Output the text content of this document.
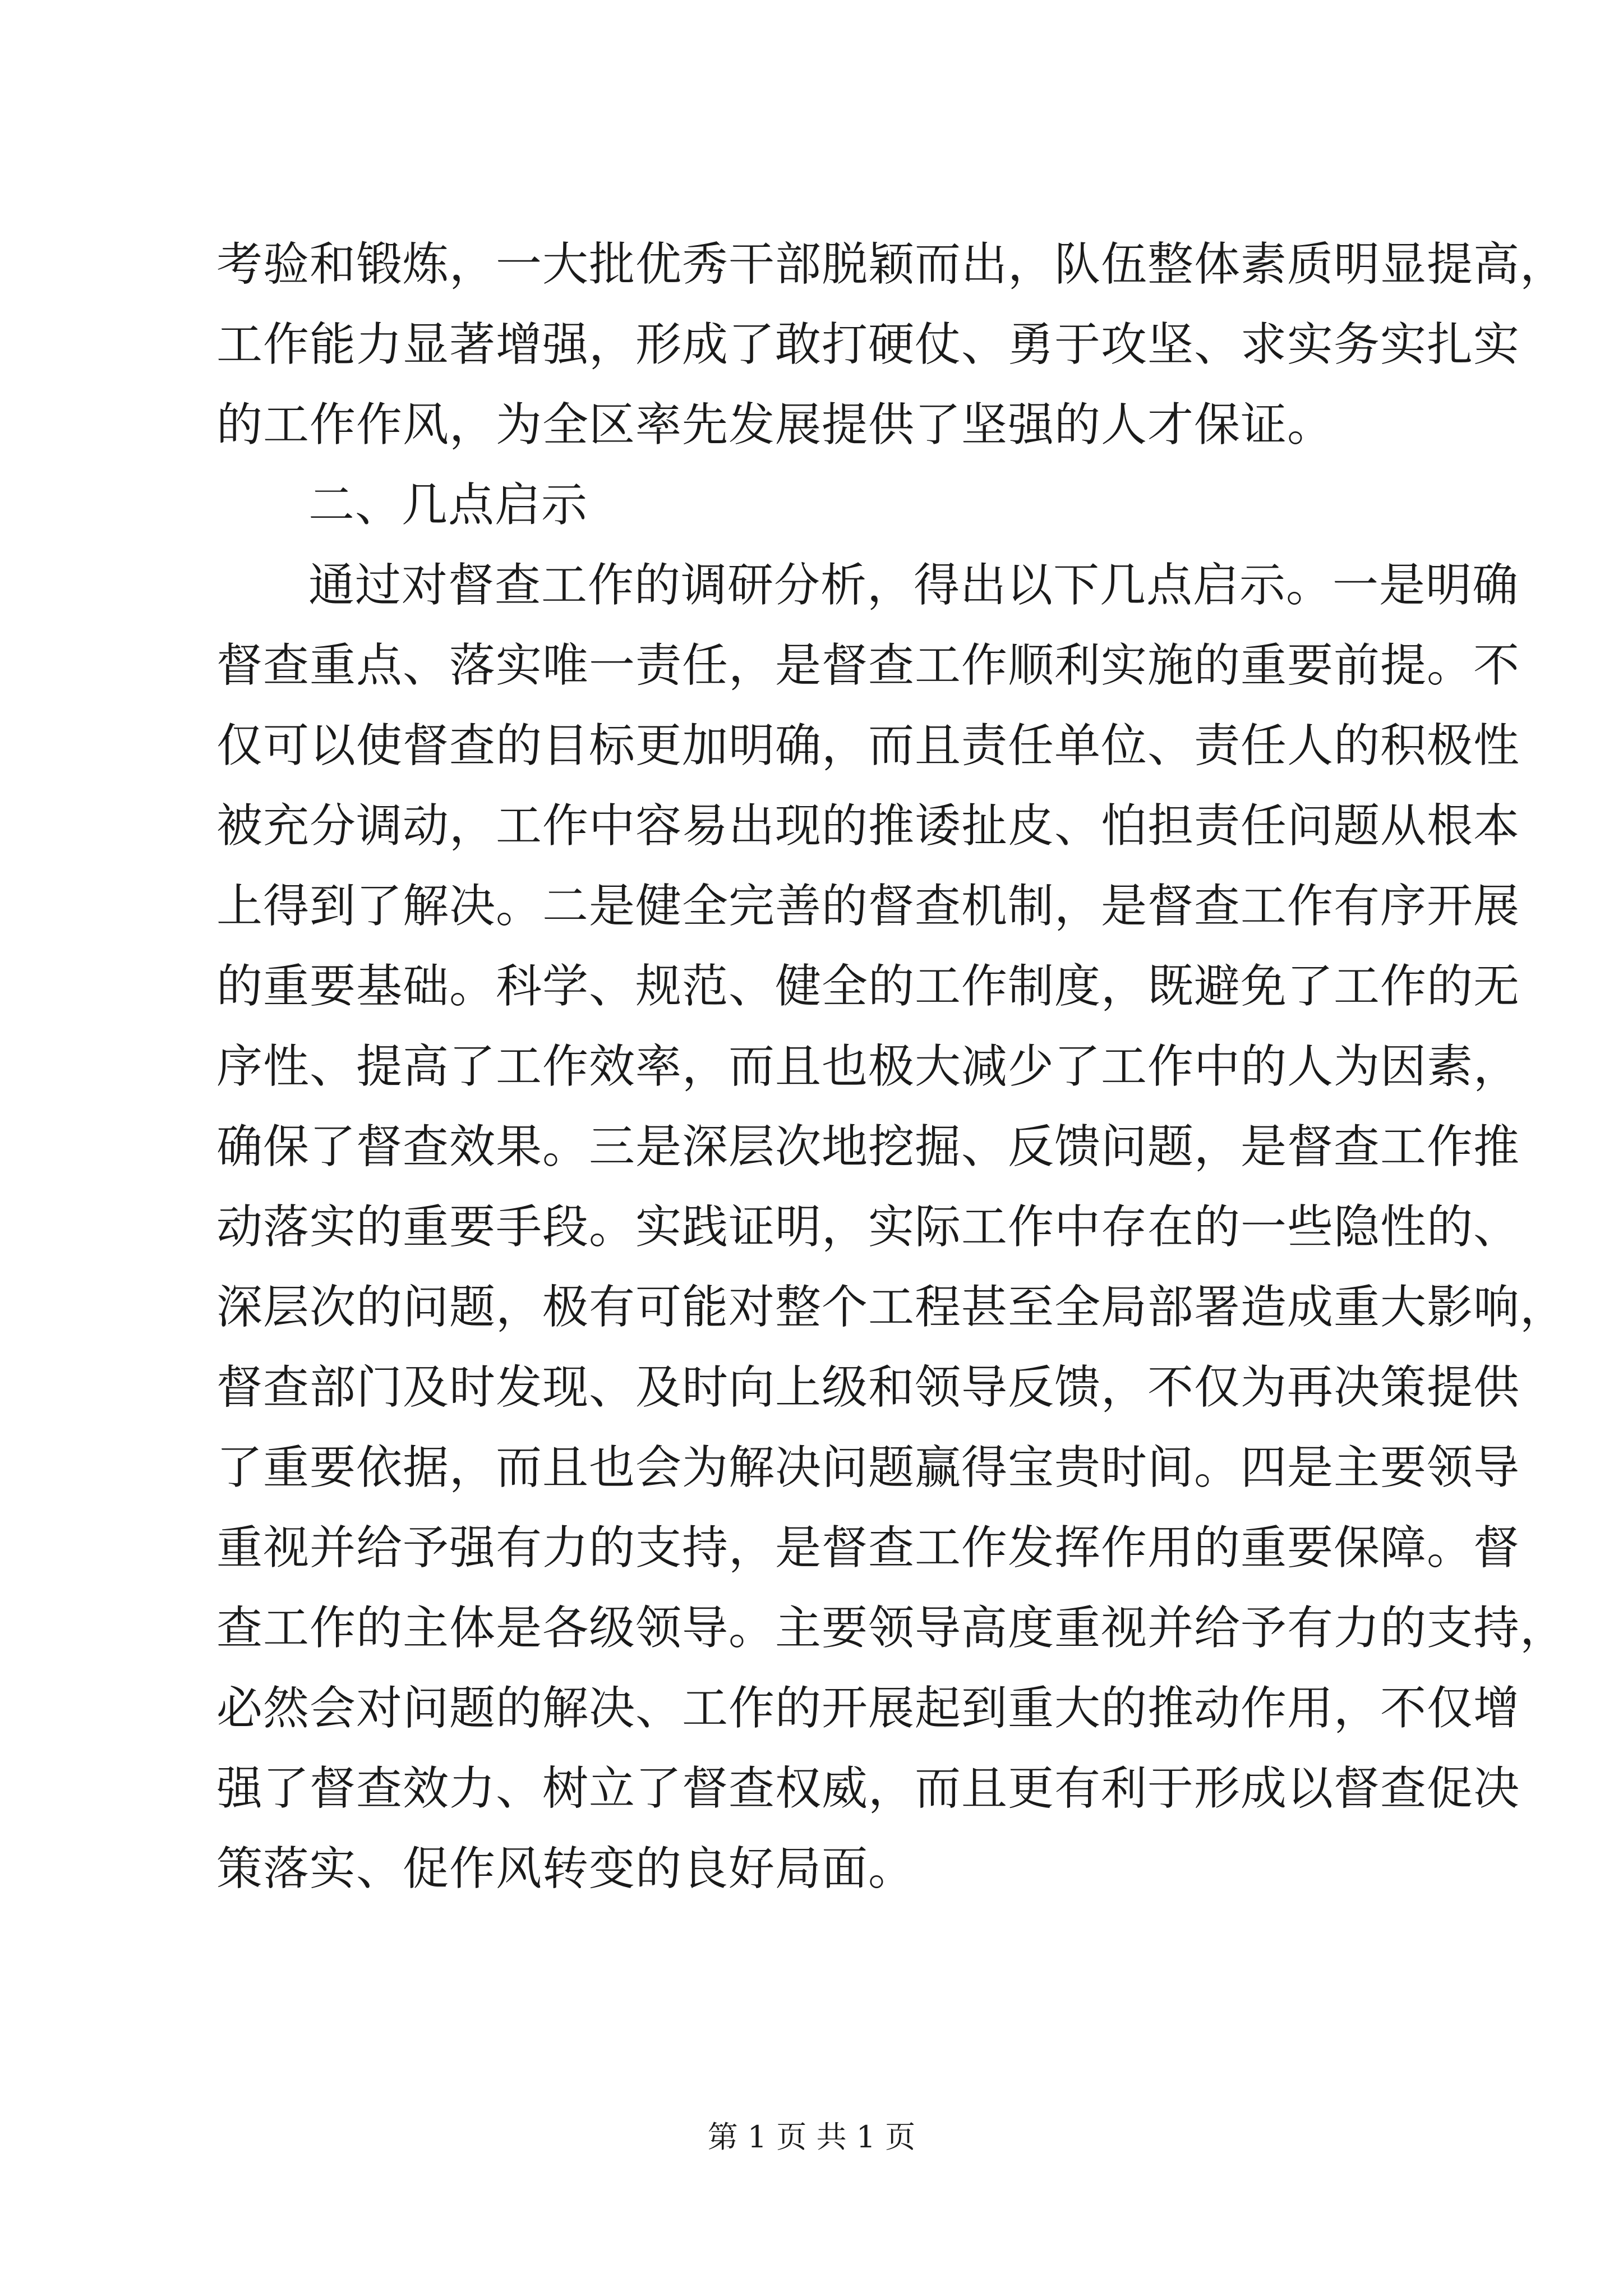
考验和锻炼，一大批优秀干部脱颖而出，队伍整体素质明显提高，
工作能力显著增强，形成了敢打硬仗、勇于攻坚、求实务实扎实
的工作作风，为全区率先发展提供了坚强的人才保证。
二、几点启示
通过对督查工作的调研分析，得出以下几点启示。一是明确
督查重点、落实唯一责任，是督查工作顺利实施的重要前提。不
仅可以使督查的目标更加明确，而且责任单位、责任人的积极性
被充分调动，工作中容易出现的推诿扯皮、怕担责任问题从根本
上得到了解决。二是健全完善的督查机制，是督查工作有序开展
的重要基础。科学、规范、健全的工作制度，既避免了工作的无
序性、提高了工作效率，而且也极大减少了工作中的人为因素，
确保了督查效果。三是深层次地挖掘、反馈问题，是督查工作推
动落实的重要手段。实践证明，实际工作中存在的一些隐性的、
深层次的问题，极有可能对整个工程甚至全局部署造成重大影响，
督查部门及时发现、及时向上级和领导反馈，不仅为再决策提供
了重要依据，而且也会为解决问题赢得宝贵时间。四是主要领导
重视并给予强有力的支持，是督查工作发挥作用的重要保障。督
查工作的主体是各级领导。主要领导高度重视并给予有力的支持，
必然会对问题的解决、工作的开展起到重大的推动作用，不仅增
强了督查效力、树立了督查权威，而且更有利于形成以督查促决
策落实、促作风转变的良好局面。
第 1 页 共 1 页
